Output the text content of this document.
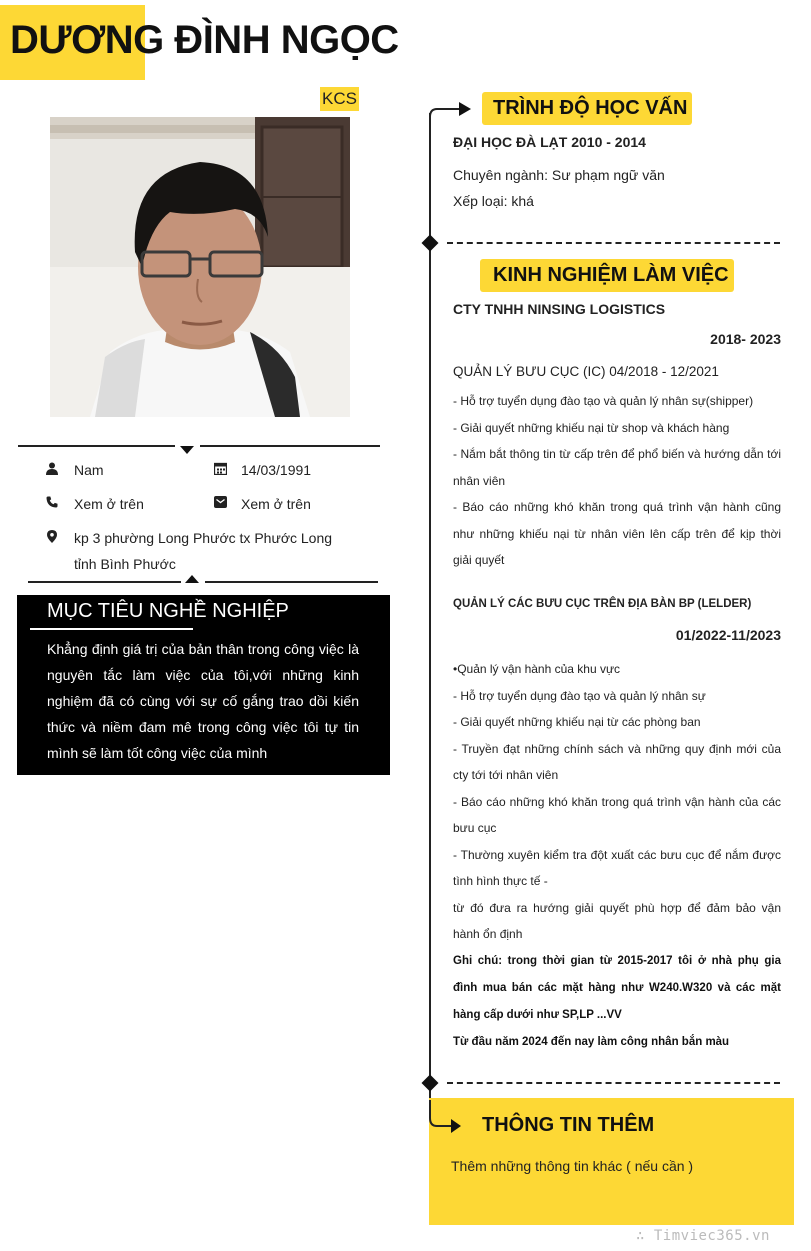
DƯƠNG ĐÌNH NGỌC
KCS
Nam	14/03/1991
Xem ở trên	Xem ở trên
kp 3 phường Long Phước tx Phước Long
tỉnh Bình Phước
MỤC TIÊU NGHỀ NGHIỆP
Khẳng định giá trị của bản thân trong công việc là nguyên tắc làm việc của tôi,với những kinh nghiệm đã có cùng với sự cố gắng trao dồi kiến thức và niềm đam mê trong công việc tôi tự tin mình sẽ làm tốt công việc của mình
TRÌNH ĐỘ HỌC VẤN
ĐẠI HỌC ĐÀ LẠT 2010 - 2014
Chuyên ngành: Sư phạm ngữ văn
Xếp loại: khá
KINH NGHIỆM LÀM VIỆC
CTY TNHH NINSING LOGISTICS
2018- 2023
QUẢN LÝ BƯU CỤC (IC) 04/2018 - 12/2021
- Hỗ trợ tuyển dụng đào tạo và quản lý nhân sự(shipper)
- Giải quyết những khiếu nại từ shop và khách hàng
- Nắm bắt thông tin từ cấp trên để phổ biến và hướng dẫn tới nhân viên
- Báo cáo những khó khăn trong quá trình vận hành cũng như những khiếu nại từ nhân viên lên cấp trên để kịp thời giải quyết
QUẢN LÝ CÁC BƯU CỤC TRÊN ĐỊA BÀN BP (LELDER)
01/2022-11/2023
•Quản lý vận hành của khu vực
- Hỗ trợ tuyển dụng đào tạo và quản lý nhân sự
- Giải quyết những khiếu nại từ các phòng ban
- Truyền đạt những chính sách và những quy định mới của cty tới tới nhân viên
- Báo cáo những khó khăn trong quá trình vận hành của các bưu cục
- Thường xuyên kiểm tra đột xuất các bưu cục để nắm được tình hình thực tế -
từ đó đưa ra hướng giải quyết phù hợp để đảm bảo vận hành ổn định
Ghi chú: trong thời gian từ 2015-2017 tôi ở nhà phụ gia đình mua bán các mặt hàng như W240.W320 và các mặt hàng cấp dưới như SP,LP ...VV
Từ đầu năm 2024 đến nay làm công nhân bắn màu
THÔNG TIN THÊM
Thêm những thông tin khác ( nếu cần )
∴ Timviec365.vn
